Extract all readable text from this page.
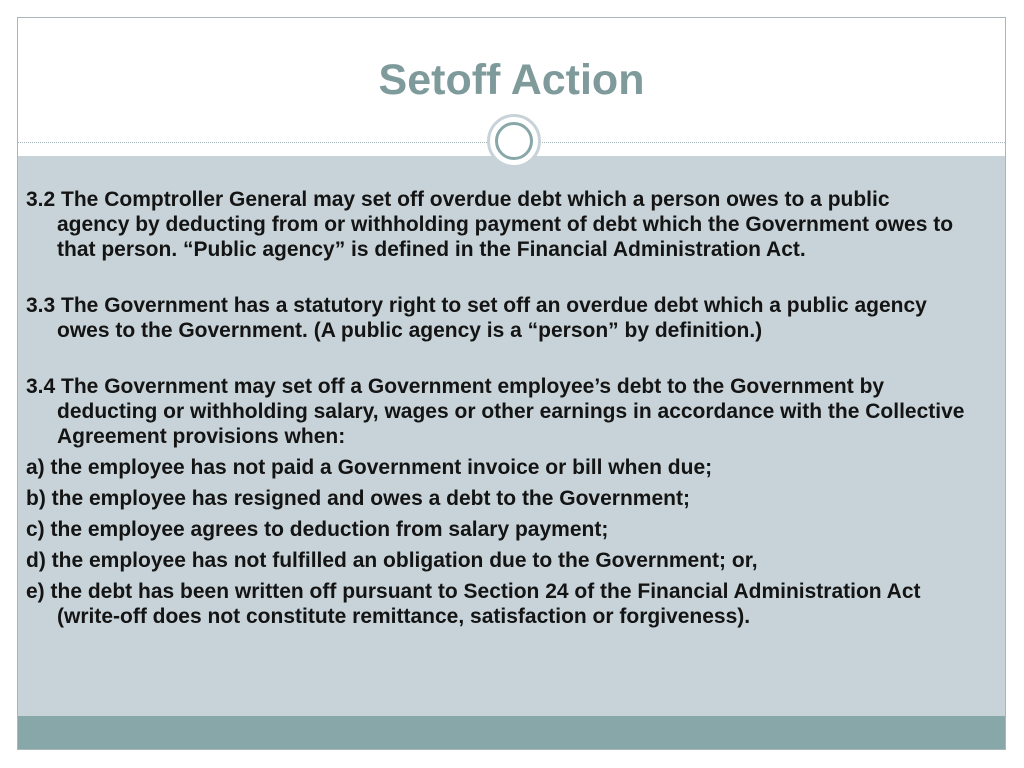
Setoff Action

3.2 The Comptroller General may set off overdue debt which a person owes to a public agency by deducting from or withholding payment of debt which the Government owes to that person. “Public agency” is defined in the Financial Administration Act.

3.3 The Government has a statutory right to set off an overdue debt which a public agency owes to the Government. (A public agency is a “person” by definition.)

3.4 The Government may set off a Government employee’s debt to the Government by deducting or withholding salary, wages or other earnings in accordance with the Collective Agreement provisions when:

a) the employee has not paid a Government invoice or bill when due;

b) the employee has resigned and owes a debt to the Government;

c) the employee agrees to deduction from salary payment;

d) the employee has not fulfilled an obligation due to the Government; or,

e) the debt has been written off pursuant to Section 24 of the Financial Administration Act (write-off does not constitute remittance, satisfaction or forgiveness).
